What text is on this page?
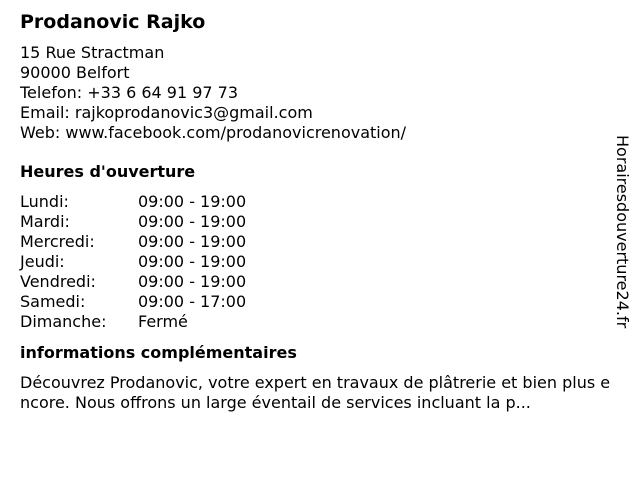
Prodanovic Rajko
15 Rue Stractman
90000 Belfort
Telefon: +33 6 64 91 97 73
Email: rajkoprodanovic3@gmail.com
Web: www.facebook.com/prodanovicrenovation/
Heures d'ouverture
Lundi:	09:00 - 19:00
Mardi:	09:00 - 19:00
Mercredi:	09:00 - 19:00
Jeudi:	09:00 - 19:00
Vendredi:	09:00 - 19:00
Samedi:	09:00 - 17:00
Dimanche:	Fermé
informations complémentaires
Découvrez Prodanovic, votre expert en travaux de plâtrerie et bien plus encore. Nous offrons un large éventail de services incluant la p...
Horairesdouverture24.fr
